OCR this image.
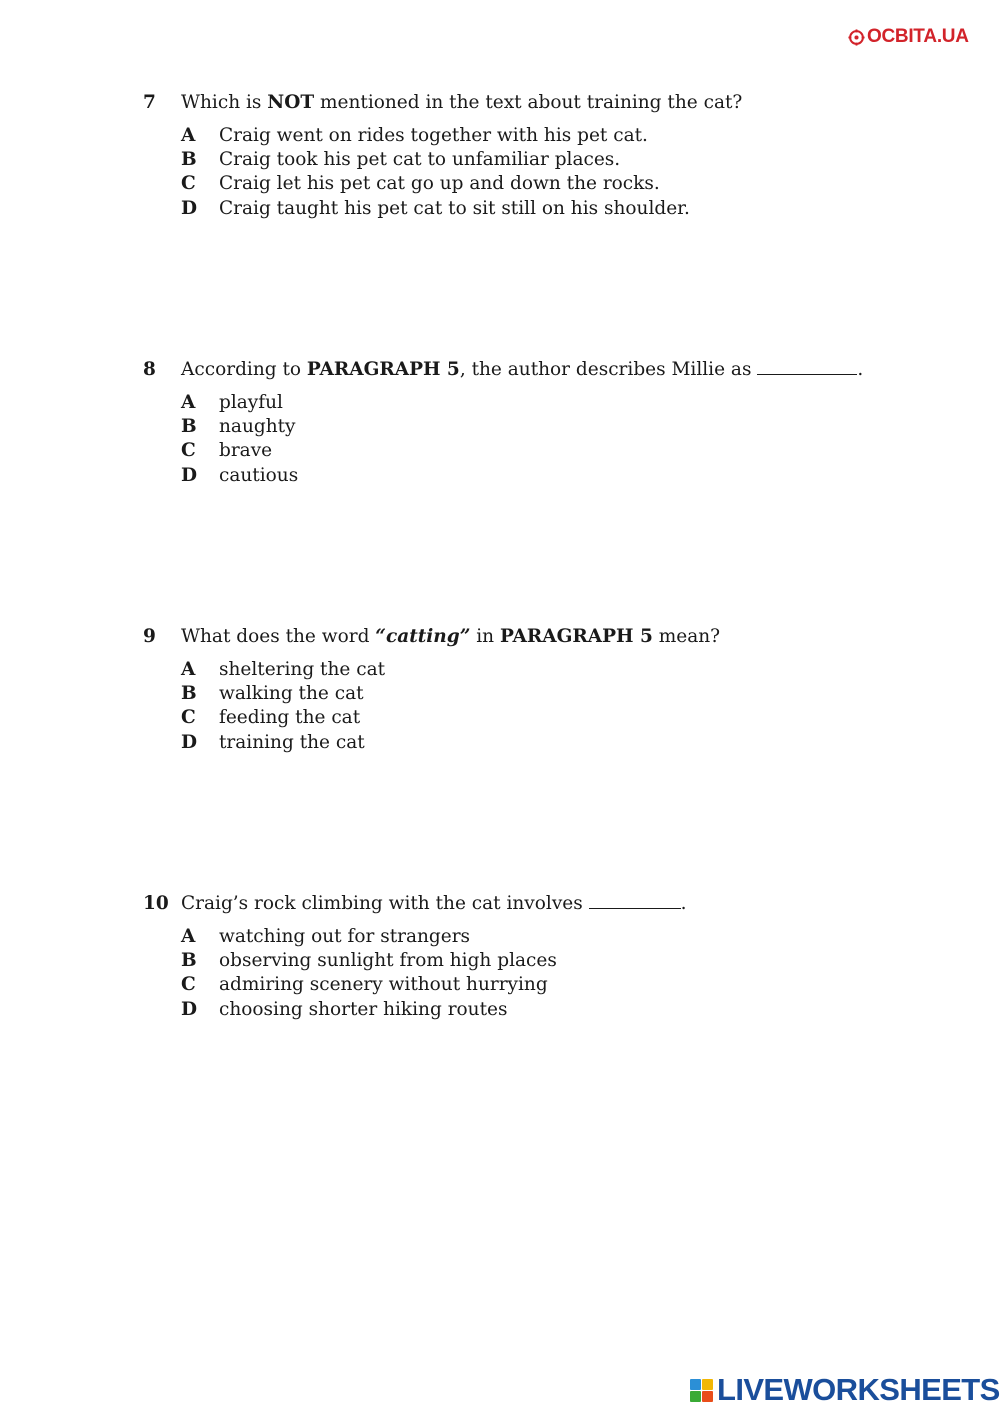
ОСВІТА.UA
7	Which is NOT mentioned in the text about training the cat?
A	Craig went on rides together with his pet cat.
B	Craig took his pet cat to unfamiliar places.
C	Craig let his pet cat go up and down the rocks.
D	Craig taught his pet cat to sit still on his shoulder.
8	According to PARAGRAPH 5, the author describes Millie as	.
A	playful
B	naughty
C	brave
D	cautious
9	What does the word “catting” in PARAGRAPH 5 mean?
A	sheltering the cat
B	walking the cat
C	feeding the cat
D	training the cat
10 Craig’s rock climbing with the cat involves	.
A	watching out for strangers
B	observing sunlight from high places
C	admiring scenery without hurrying
D	choosing shorter hiking routes
LIVEWORKSHEETS
